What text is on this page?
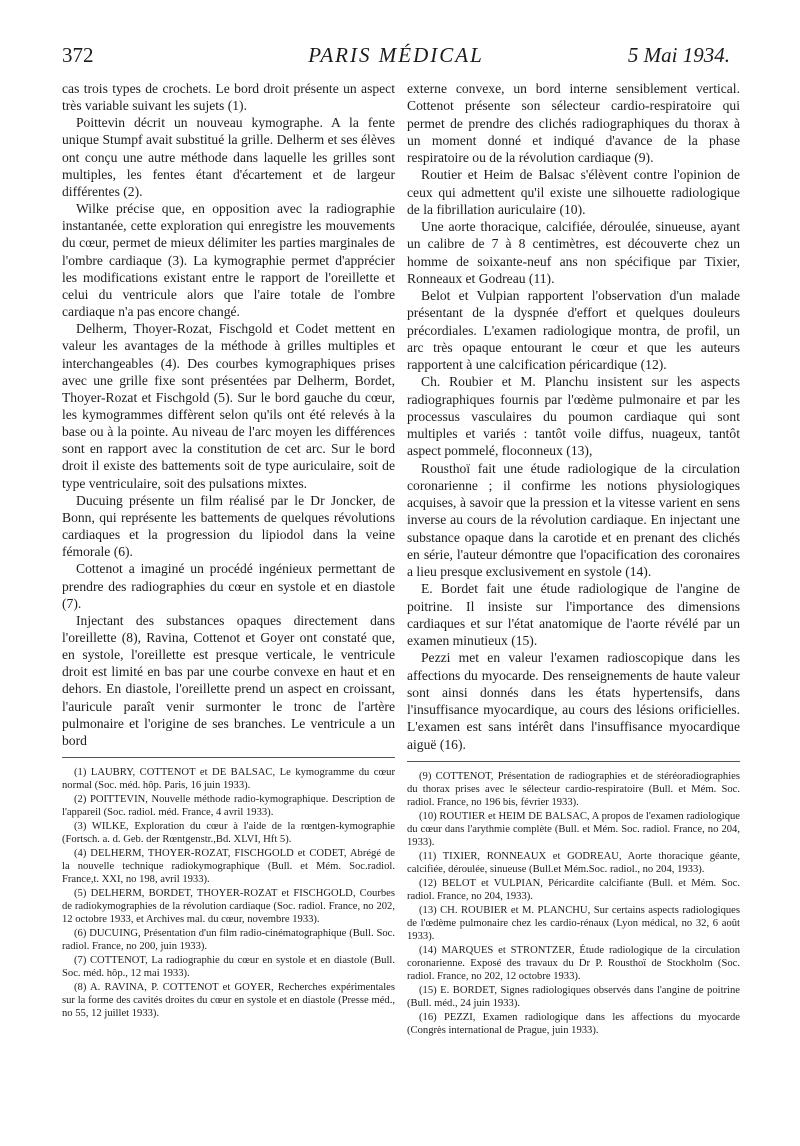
372	PARIS MÉDICAL	5 Mai 1934.

cas trois types de crochets. Le bord droit présente un aspect très variable suivant les sujets (1).

Poittevin décrit un nouveau kymographe. A la fente unique Stumpf avait substitué la grille. Delherm et ses élèves ont conçu une autre méthode dans laquelle les grilles sont multiples, les fentes étant d'écartement et de largeur différentes (2).

Wilke précise que, en opposition avec la radiographie instantanée, cette exploration qui enregistre les mouvements du cœur, permet de mieux délimiter les parties marginales de l'ombre cardiaque (3). La kymographie permet d'apprécier les modifications existant entre le rapport de l'oreillette et celui du ventricule alors que l'aire totale de l'ombre cardiaque n'a pas encore changé.

Delherm, Thoyer-Rozat, Fischgold et Codet mettent en valeur les avantages de la méthode à grilles multiples et interchangeables (4). Des courbes kymographiques prises avec une grille fixe sont présentées par Delherm, Bordet, Thoyer-Rozat et Fischgold (5). Sur le bord gauche du cœur, les kymogrammes diffèrent selon qu'ils ont été relevés à la base ou à la pointe. Au niveau de l'arc moyen les différences sont en rapport avec la constitution de cet arc. Sur le bord droit il existe des battements soit de type auriculaire, soit de type ventriculaire, soit des pulsations mixtes.

Ducuing présente un film réalisé par le Dr Joncker, de Bonn, qui représente les battements de quelques révolutions cardiaques et la progression du lipiodol dans la veine fémorale (6).

Cottenot a imaginé un procédé ingénieux permettant de prendre des radiographies du cœur en systole et en diastole (7).

Injectant des substances opaques directement dans l'oreillette (8), Ravina, Cottenot et Goyer ont constaté que, en systole, l'oreillette est presque verticale, le ventricule droit est limité en bas par une courbe convexe en haut et en dehors. En diastole, l'oreillette prend un aspect en croissant, l'auricule paraît venir surmonter le tronc de l'artère pulmonaire et l'origine de ses branches. Le ventricule a un bord

(1) LAUBRY, COTTENOT et DE BALSAC, Le kymogramme du cœur normal (Soc. méd. hôp. Paris, 16 juin 1933).

(2) POITTEVIN, Nouvelle méthode radio-kymographique. Description de l'appareil (Soc. radiol. méd. France, 4 avril 1933).

(3) WILKE, Exploration du cœur à l'aide de la rœntgen-kymographie (Fortsch. a. d. Geb. der Rœntgenstr.,Bd. XLVI, Hft 5).

(4) DELHERM, THOYER-ROZAT, FISCHGOLD et CODET, Abrégé de la nouvelle technique radiokymographique (Bull. et Mém. Soc.radiol. France,t. XXI, no 198, avril 1933).

(5) DELHERM, BORDET, THOYER-ROZAT et FISCHGOLD, Courbes de radiokymographies de la révolution cardiaque (Soc. radiol. France, no 202, 12 octobre 1933, et Archives mal. du cœur, novembre 1933).

(6) DUCUING, Présentation d'un film radio-cinématographique (Bull. Soc. radiol. France, no 200, juin 1933).

(7) COTTENOT, La radiographie du cœur en systole et en diastole (Bull. Soc. méd. hôp., 12 mai 1933).

(8) A. RAVINA, P. COTTENOT et GOYER, Recherches expérimentales sur la forme des cavités droites du cœur en systole et en diastole (Presse méd., no 55, 12 juillet 1933).

externe convexe, un bord interne sensiblement vertical. Cottenot présente son sélecteur cardio-respiratoire qui permet de prendre des clichés radiographiques du thorax à un moment donné et indiqué d'avance de la phase respiratoire ou de la révolution cardiaque (9).

Routier et Heim de Balsac s'élèvent contre l'opinion de ceux qui admettent qu'il existe une silhouette radiologique de la fibrillation auriculaire (10).

Une aorte thoracique, calcifiée, déroulée, sinueuse, ayant un calibre de 7 à 8 centimètres, est découverte chez un homme de soixante-neuf ans non spécifique par Tixier, Ronneaux et Godreau (11).

Belot et Vulpian rapportent l'observation d'un malade présentant de la dyspnée d'effort et quelques douleurs précordiales. L'examen radiologique montra, de profil, un arc très opaque entourant le cœur et que les auteurs rapportent à une calcification péricardique (12).

Ch. Roubier et M. Planchu insistent sur les aspects radiographiques fournis par l'œdème pulmonaire et par les processus vasculaires du poumon cardiaque qui sont multiples et variés : tantôt voile diffus, nuageux, tantôt aspect pommelé, floconneux (13),

Rousthoï fait une étude radiologique de la circulation coronarienne ; il confirme les notions physiologiques acquises, à savoir que la pression et la vitesse varient en sens inverse au cours de la révolution cardiaque. En injectant une substance opaque dans la carotide et en prenant des clichés en série, l'auteur démontre que l'opacification des coronaires a lieu presque exclusivement en systole (14).

E. Bordet fait une étude radiologique de l'angine de poitrine. Il insiste sur l'importance des dimensions cardiaques et sur l'état anatomique de l'aorte révélé par un examen minutieux (15).

Pezzi met en valeur l'examen radioscopique dans les affections du myocarde. Des renseignements de haute valeur sont ainsi donnés dans les états hypertensifs, dans l'insuffisance myocardique, au cours des lésions orificielles. L'examen est sans intérêt dans l'insuffisance myocardique aiguë (16).

(9) COTTENOT, Présentation de radiographies et de stéréoradiographies du thorax prises avec le sélecteur cardio-respiratoire (Bull. et Mém. Soc. radiol. France, no 196 bis, février 1933).

(10) ROUTIER et HEIM DE BALSAC, A propos de l'examen radiologique du cœur dans l'arythmie complète (Bull. et Mém. Soc. radiol. France, no 204, 1933).

(11) TIXIER, RONNEAUX et GODREAU, Aorte thoracique géante, calcifiée, déroulée, sinueuse (Bull.et Mém.Soc. radiol., no 204, 1933).

(12) BELOT et VULPIAN, Péricardite calcifiante (Bull. et Mém. Soc. radiol. France, no 204, 1933).

(13) CH. ROUBIER et M. PLANCHU, Sur certains aspects radiologiques de l'œdème pulmonaire chez les cardio-rénaux (Lyon médical, no 32, 6 août 1933).

(14) MARQUES et STRONTZER, Étude radiologique de la circulation coronarienne. Exposé des travaux du Dr P. Rousthoï de Stockholm (Soc. radiol. France, no 202, 12 octobre 1933).

(15) E. BORDET, Signes radiologiques observés dans l'angine de poitrine (Bull. méd., 24 juin 1933).

(16) PEZZI, Examen radiologique dans les affections du myocarde (Congrès international de Prague, juin 1933).
